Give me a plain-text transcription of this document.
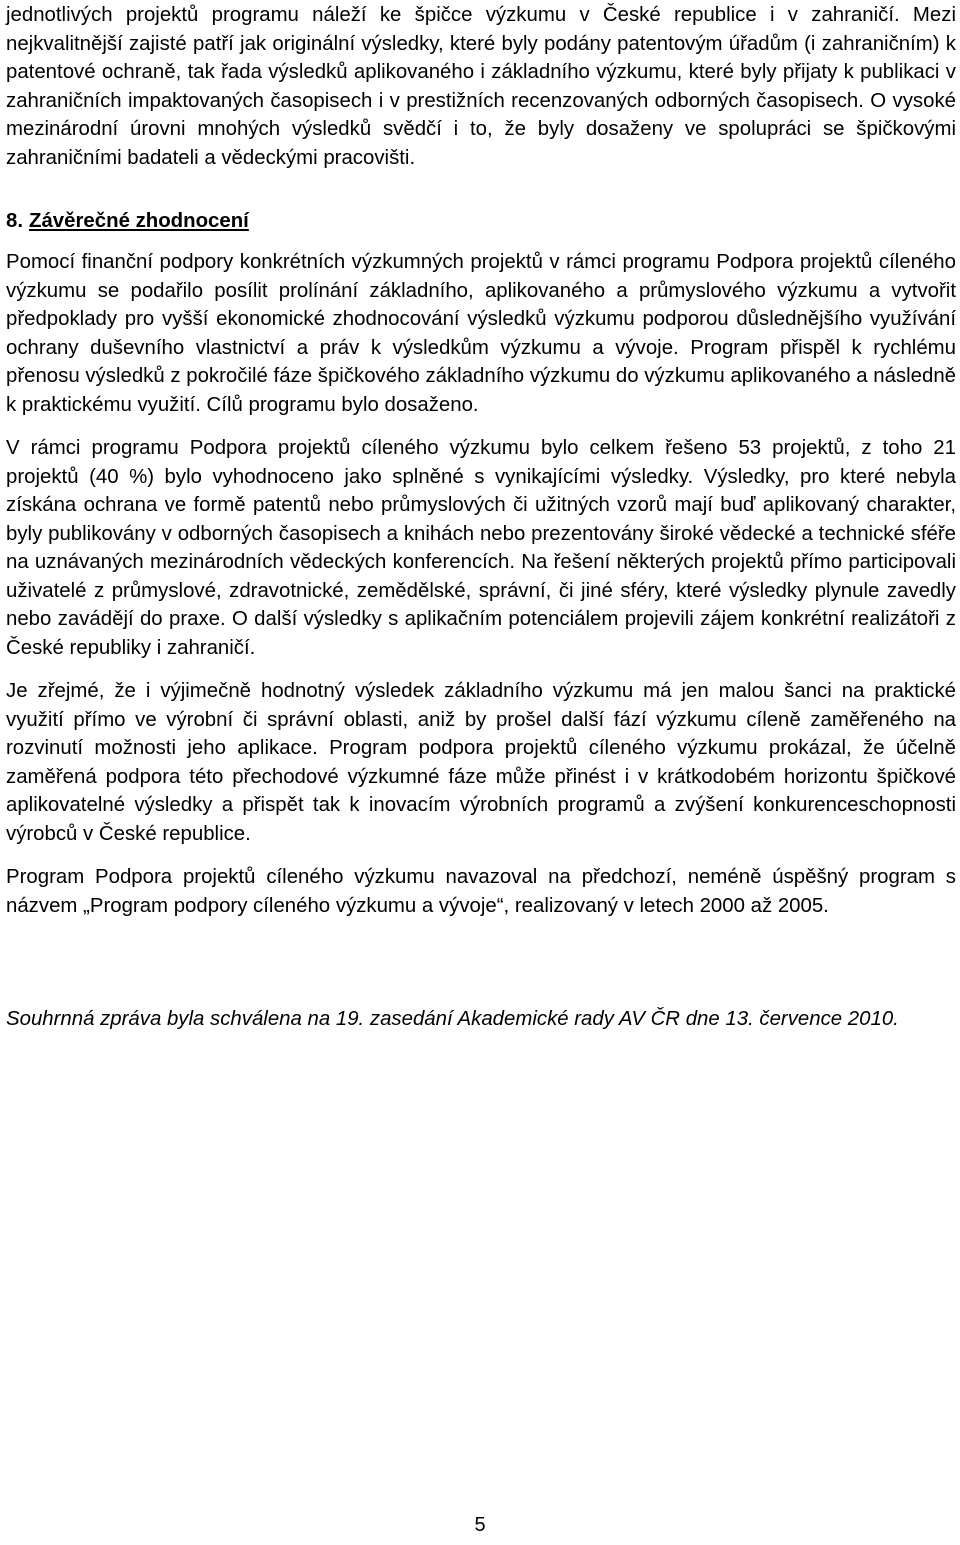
jednotlivých projektů programu náleží ke špičce výzkumu v České republice i v zahraničí. Mezi nejkvalitnější zajisté patří jak originální výsledky, které byly podány patentovým úřadům (i zahraničním) k patentové ochraně, tak řada výsledků aplikovaného i základního výzkumu, které byly přijaty k publikaci v zahraničních impaktovaných časopisech i v prestižních recenzovaných odborných časopisech. O vysoké mezinárodní úrovni mnohých výsledků svědčí i to, že byly dosaženy ve spolupráci se špičkovými zahraničními badateli a vědeckými pracovišti.

8. Závěrečné zhodnocení

Pomocí finanční podpory konkrétních výzkumných projektů v rámci programu Podpora projektů cíleného výzkumu se podařilo posílit prolínání základního, aplikovaného a průmyslového výzkumu a vytvořit předpoklady pro vyšší ekonomické zhodnocování výsledků výzkumu podporou důslednějšího využívání ochrany duševního vlastnictví a práv k výsledkům výzkumu a vývoje. Program přispěl k rychlému přenosu výsledků z pokročilé fáze špičkového základního výzkumu do výzkumu aplikovaného a následně k praktickému využití. Cílů programu bylo dosaženo.

V rámci programu Podpora projektů cíleného výzkumu bylo celkem řešeno 53 projektů, z toho 21 projektů (40 %) bylo vyhodnoceno jako splněné s vynikajícími výsledky. Výsledky, pro které nebyla získána ochrana ve formě patentů nebo průmyslových či užitných vzorů mají buď aplikovaný charakter, byly publikovány v odborných časopisech a knihách nebo prezentovány široké vědecké a technické sféře na uznávaných mezinárodních vědeckých konferencích. Na řešení některých projektů přímo participovali uživatelé z průmyslové, zdravotnické, zemědělské, správní, či jiné sféry, které výsledky plynule zavedly nebo zavádějí do praxe. O další výsledky s aplikačním potenciálem projevili zájem konkrétní realizátoři z České republiky i zahraničí.

Je zřejmé, že i výjimečně hodnotný výsledek základního výzkumu má jen malou šanci na praktické využití přímo ve výrobní či správní oblasti, aniž by prošel další fází výzkumu cíleně zaměřeného na rozvinutí možnosti jeho aplikace. Program podpora projektů cíleného výzkumu prokázal, že účelně zaměřená podpora této přechodové výzkumné fáze může přinést i v krátkodobém horizontu špičkové aplikovatelné výsledky a přispět tak k inovacím výrobních programů a zvýšení konkurenceschopnosti výrobců v České republice.

Program Podpora projektů cíleného výzkumu navazoval na předchozí, neméně úspěšný program s názvem „Program podpory cíleného výzkumu a vývoje“, realizovaný v letech 2000 až 2005.

Souhrnná zpráva byla schválena na 19. zasedání Akademické rady AV ČR dne 13. července 2010.

5
